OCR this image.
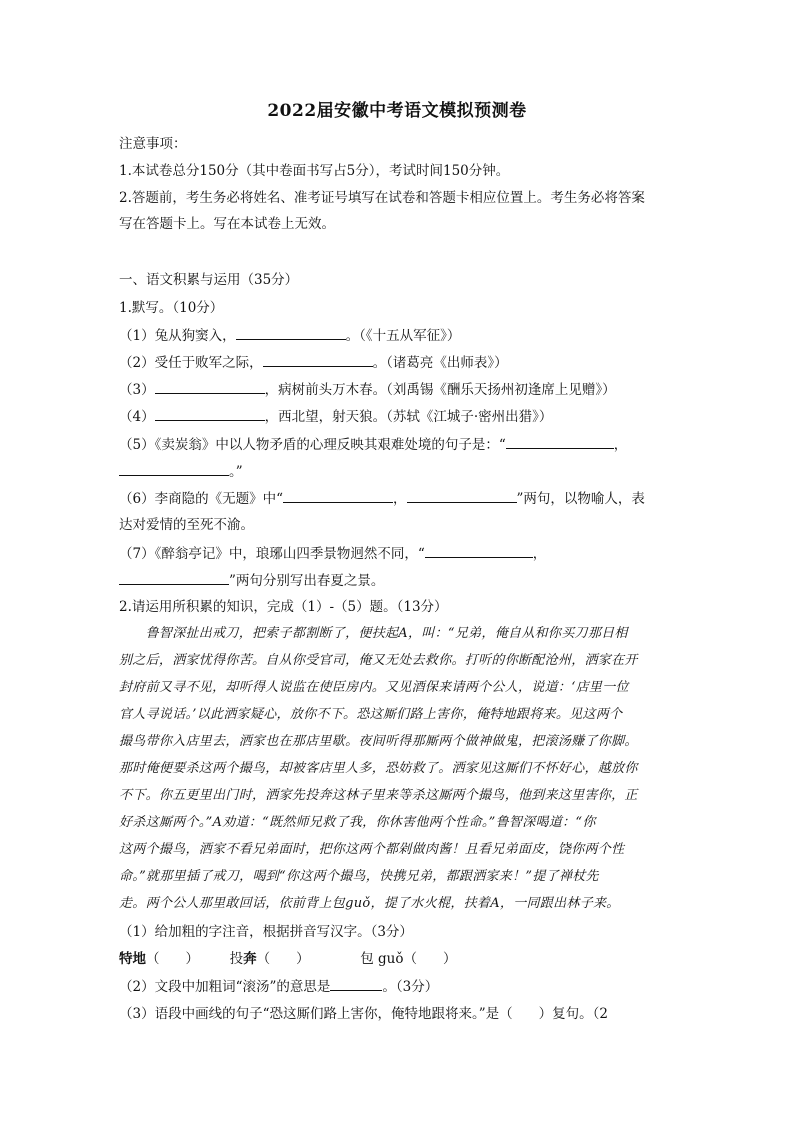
2022届安徽中考语文模拟预测卷
注意事项：
1.本试卷总分150分（其中卷面书写占5分），考试时间150分钟。
2.答题前，考生务必将姓名、准考证号填写在试卷和答题卡相应位置上。考生务必将答案
写在答题卡上。写在本试卷上无效。
一、语文积累与运用（35分）
1.默写。（10分）
（1）兔从狗窦入，	。（《十五从军征》）
（2）受任于败军之际，	。（诸葛亮《出师表》）
（3）	，病树前头万木春。（刘禹锡《酬乐天扬州初逢席上见赠》）
（4）	，西北望，射天狼。（苏轼《江城子·密州出猎》）
（5）《卖炭翁》中以人物矛盾的心理反映其艰难处境的句子是：“	，
。”
（6）李商隐的《无题》中“	，	”两句，以物喻人，表
达对爱情的至死不渝。
（7）《醉翁亭记》中，琅琊山四季景物迥然不同，“	，
”两句分别写出春夏之景。
2.请运用所积累的知识，完成（1）-（5）题。（13分）
　　鲁智深扯出戒刀，把索子都割断了，便扶起A，叫：“兄弟，俺自从和你买刀那日相
别之后，洒家忧得你苦。自从你受官司，俺又无处去救你。打听的你断配沧州，洒家在开
封府前又寻不见，却听得人说监在使臣房内。又见酒保来请两个公人，说道：‘店里一位
官人寻说话。’以此洒家疑心，放你不下。恐这厮们路上害你，俺特地跟将来。见这两个
撮鸟带你入店里去，洒家也在那店里歇。夜间听得那厮两个做神做鬼，把滚汤赚了你脚。
那时俺便要杀这两个撮鸟，却被客店里人多，恐妨救了。洒家见这厮们不怀好心，越放你
不下。你五更里出门时，洒家先投奔这林子里来等杀这厮两个撮鸟，他到来这里害你，正
好杀这厮两个。”A劝道：“既然师兄救了我，你休害他两个性命。”鲁智深喝道：“你
这两个撮鸟，洒家不看兄弟面时，把你这两个都剁做肉酱！且看兄弟面皮，饶你两个性
命。”就那里插了戒刀，喝到“你这两个撮鸟，快携兄弟，都跟洒家来！”提了禅杖先
走。两个公人那里敢回话，依前背上包guǒ，提了水火棍，扶着A，一同跟出林子来。
（1）给加粗的字注音，根据拼音写汉字。（3分）
特地（ ） 投奔（ ）	包 guǒ（ ）
（2）文段中加粗词“滚汤”的意思是	。（3分）
（3）语段中画线的句子“恐这厮们路上害你，俺特地跟将来。”是（ ）复句。（2
